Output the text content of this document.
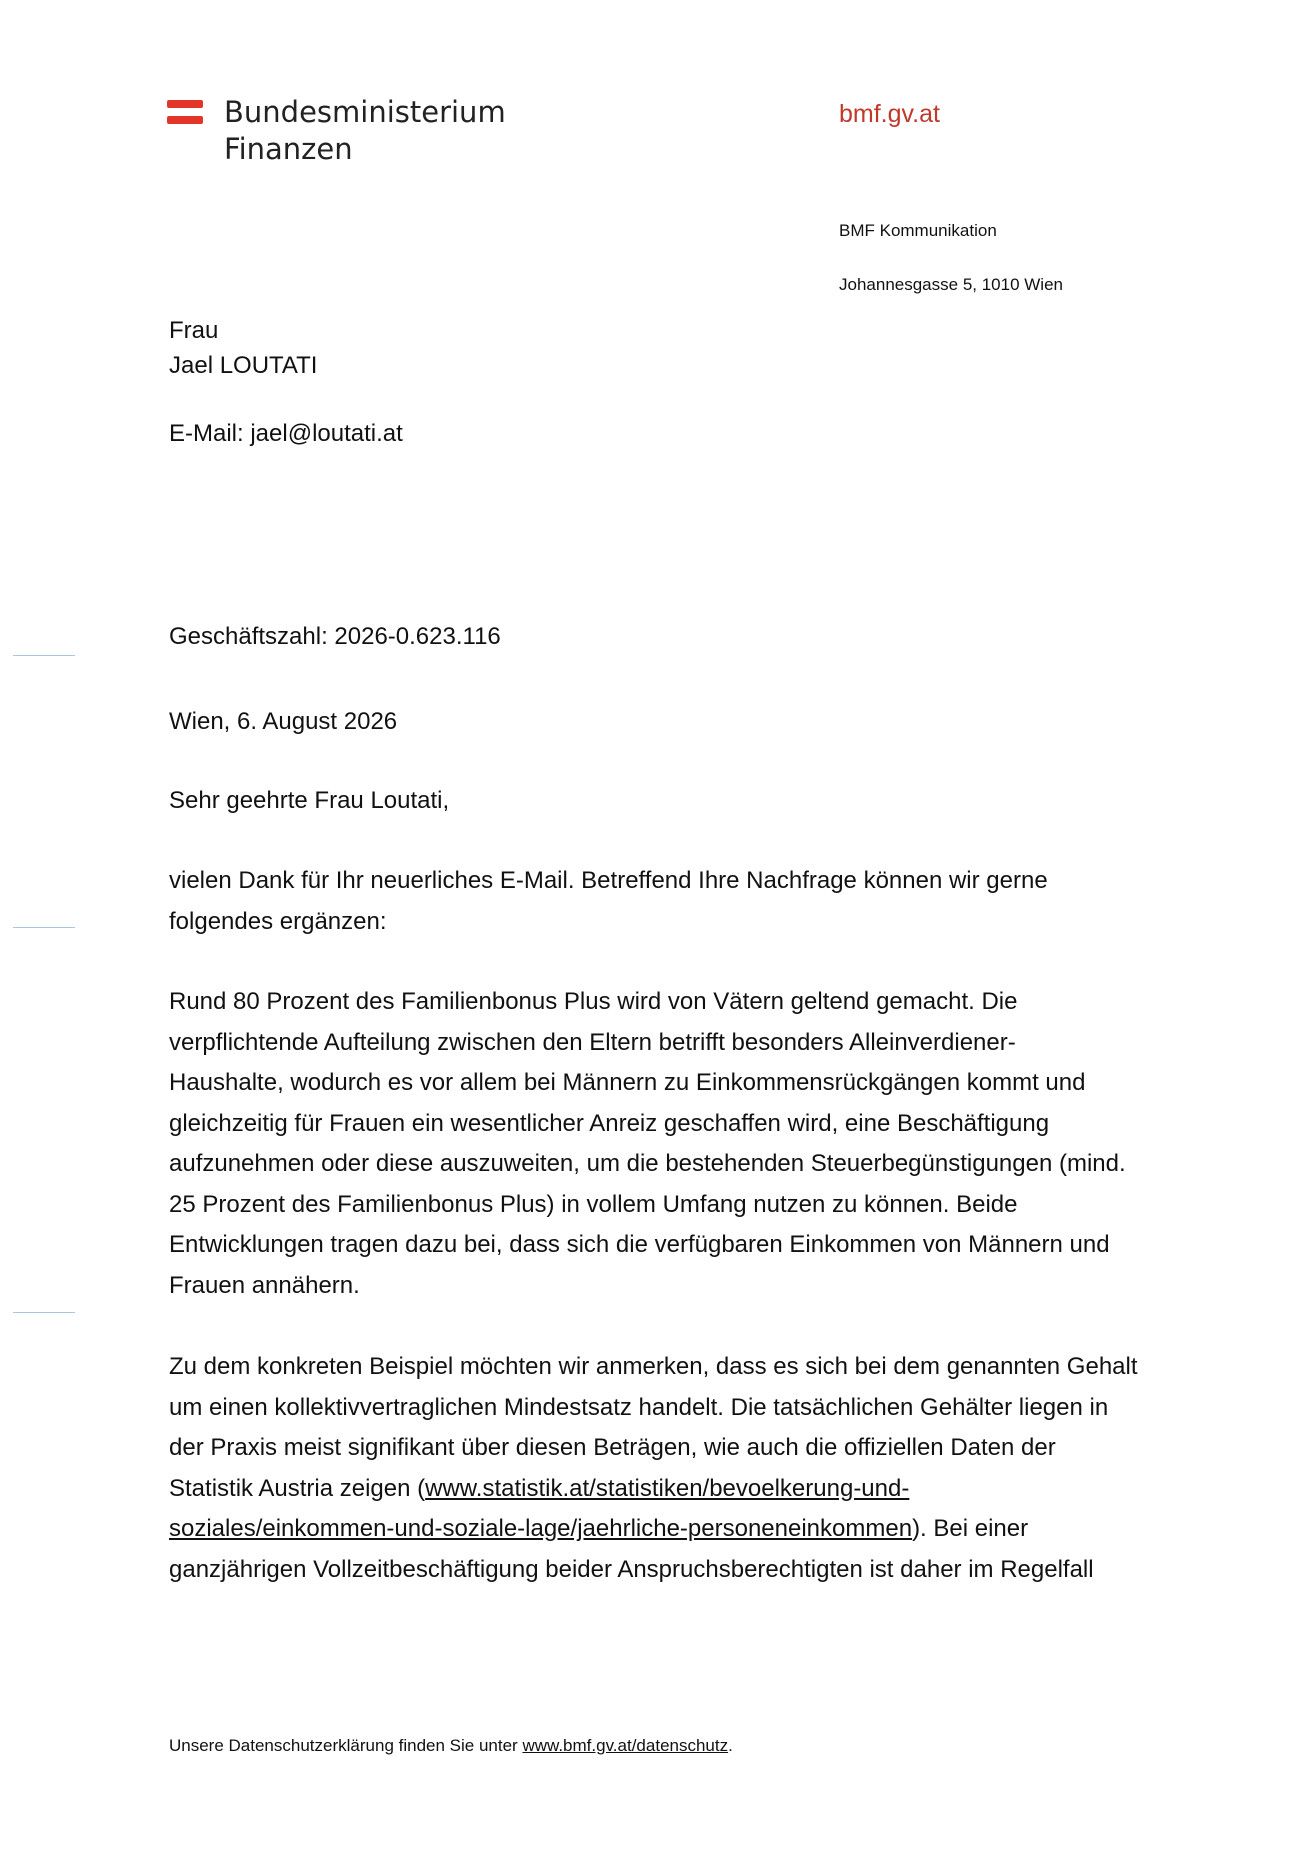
Bundesministerium
Finanzen
bmf.gv.at
BMF Kommunikation
Johannesgasse 5, 1010 Wien
Frau
Jael LOUTATI
E-Mail: jael@loutati.at
Geschäftszahl: 2026-0.623.116
Wien, 6. August 2026
Sehr geehrte Frau Loutati,
vielen Dank für Ihr neuerliches E-Mail. Betreffend Ihre Nachfrage können wir gerne
folgendes ergänzen:
Rund 80 Prozent des Familienbonus Plus wird von Vätern geltend gemacht. Die
verpflichtende Aufteilung zwischen den Eltern betrifft besonders Alleinverdiener-
Haushalte, wodurch es vor allem bei Männern zu Einkommensrückgängen kommt und
gleichzeitig für Frauen ein wesentlicher Anreiz geschaffen wird, eine Beschäftigung
aufzunehmen oder diese auszuweiten, um die bestehenden Steuerbegünstigungen (mind.
25 Prozent des Familienbonus Plus) in vollem Umfang nutzen zu können. Beide
Entwicklungen tragen dazu bei, dass sich die verfügbaren Einkommen von Männern und
Frauen annähern.
Zu dem konkreten Beispiel möchten wir anmerken, dass es sich bei dem genannten Gehalt
um einen kollektivvertraglichen Mindestsatz handelt. Die tatsächlichen Gehälter liegen in
der Praxis meist signifikant über diesen Beträgen, wie auch die offiziellen Daten der
Statistik Austria zeigen (www.statistik.at/statistiken/bevoelkerung-und-
soziales/einkommen-und-soziale-lage/jaehrliche-personeneinkommen). Bei einer
ganzjährigen Vollzeitbeschäftigung beider Anspruchsberechtigten ist daher im Regelfall
Unsere Datenschutzerklärung finden Sie unter www.bmf.gv.at/datenschutz.
